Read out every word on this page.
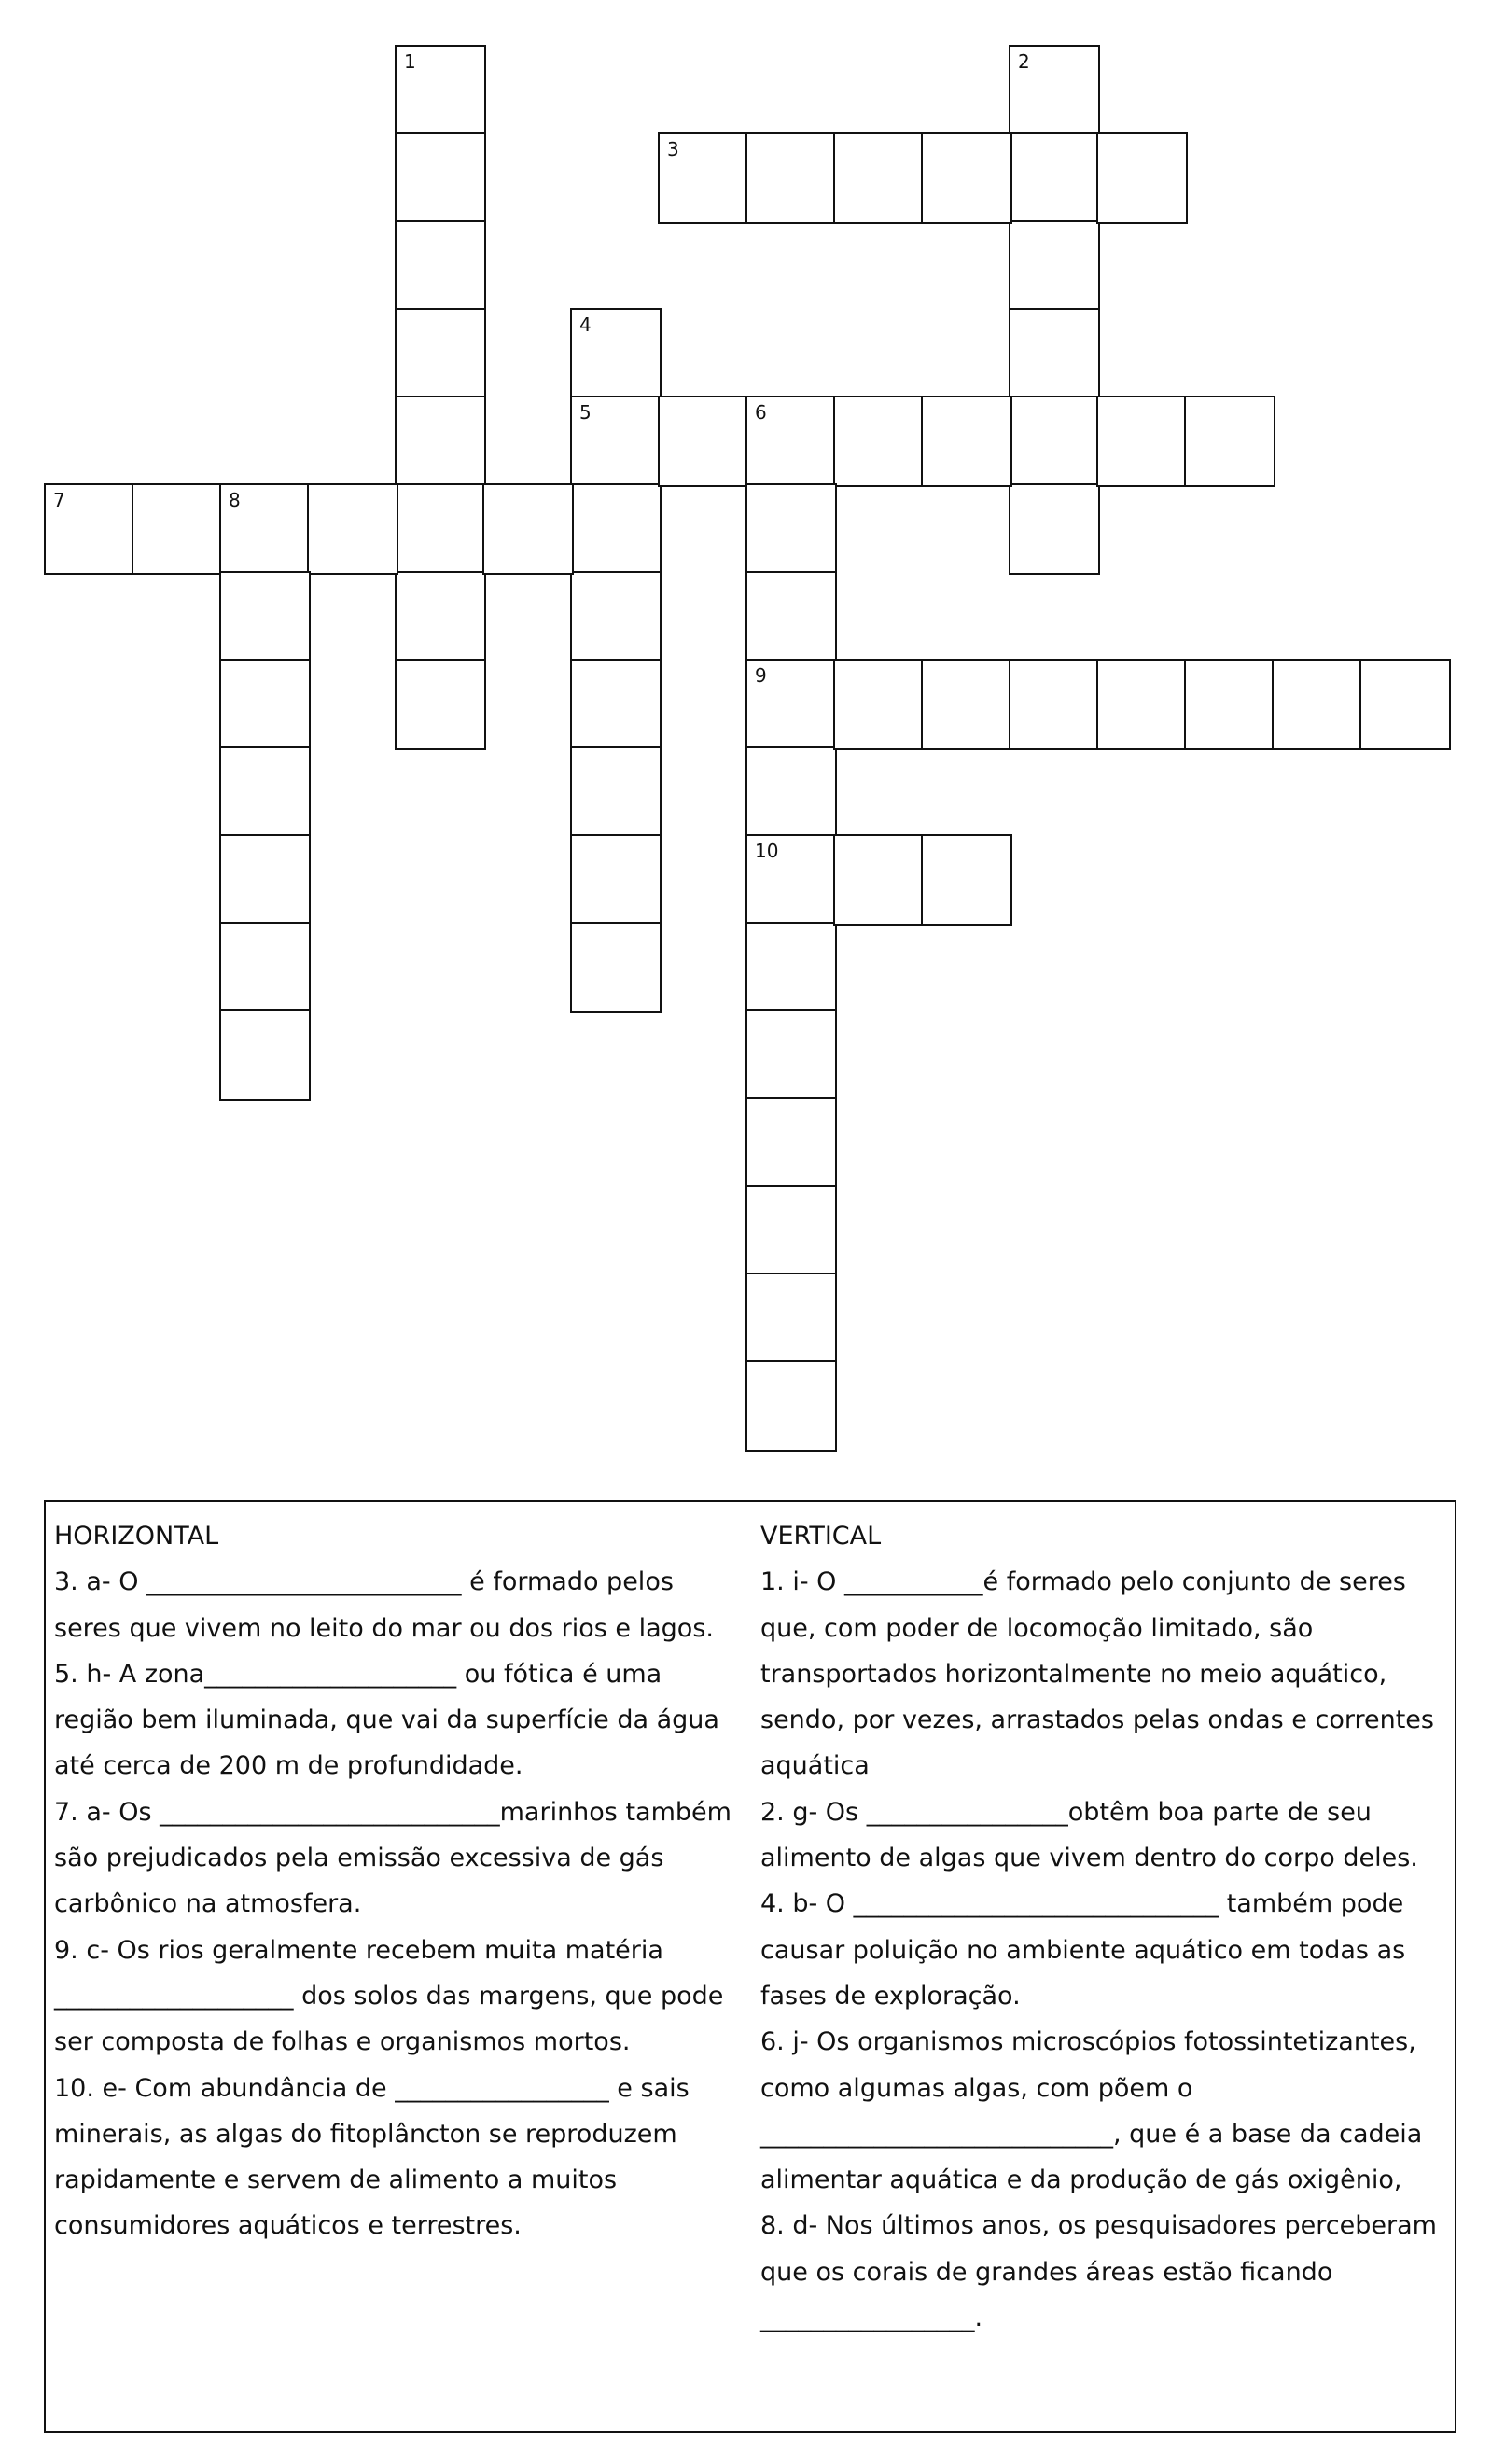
1	2
3
4
5	6
9
10
7	8
HORIZONTAL

3. a- O _________________________ é formado pelos seres que vivem no leito do mar ou dos rios e lagos.

5. h- A zona____________________ ou fótica é uma região bem iluminada, que vai da superfície da água até cerca de 200 m de profundidade.

7. a- Os ___________________________marinhos também são prejudicados pela emissão excessiva de gás carbônico na atmosfera.

9. c- Os rios geralmente recebem muita matéria ___________________ dos solos das margens, que pode ser composta de folhas e organismos mortos.

10. e- Com abundância de _________________ e sais minerais, as algas do fitoplâncton se reproduzem rapidamente e servem de alimento a muitos consumidores aquáticos e terrestres.

VERTICAL

1. i- O ___________é formado pelo conjunto de seres que, com poder de locomoção limitado, são transportados horizontalmente no meio aquático, sendo, por vezes, arrastados pelas ondas e correntes aquática

2. g- Os ________________obtêm boa parte de seu alimento de algas que vivem dentro do corpo deles.

4. b- O _____________________________ também pode causar poluição no ambiente aquático em todas as fases de exploração.

6. j- Os organismos microscópios fotossintetizantes, como algumas algas, com põem o ____________________________, que é a base da cadeia alimentar aquática e da produção de gás oxigênio,

8. d- Nos últimos anos, os pesquisadores perceberam que os corais de grandes áreas estão ficando _________________.
